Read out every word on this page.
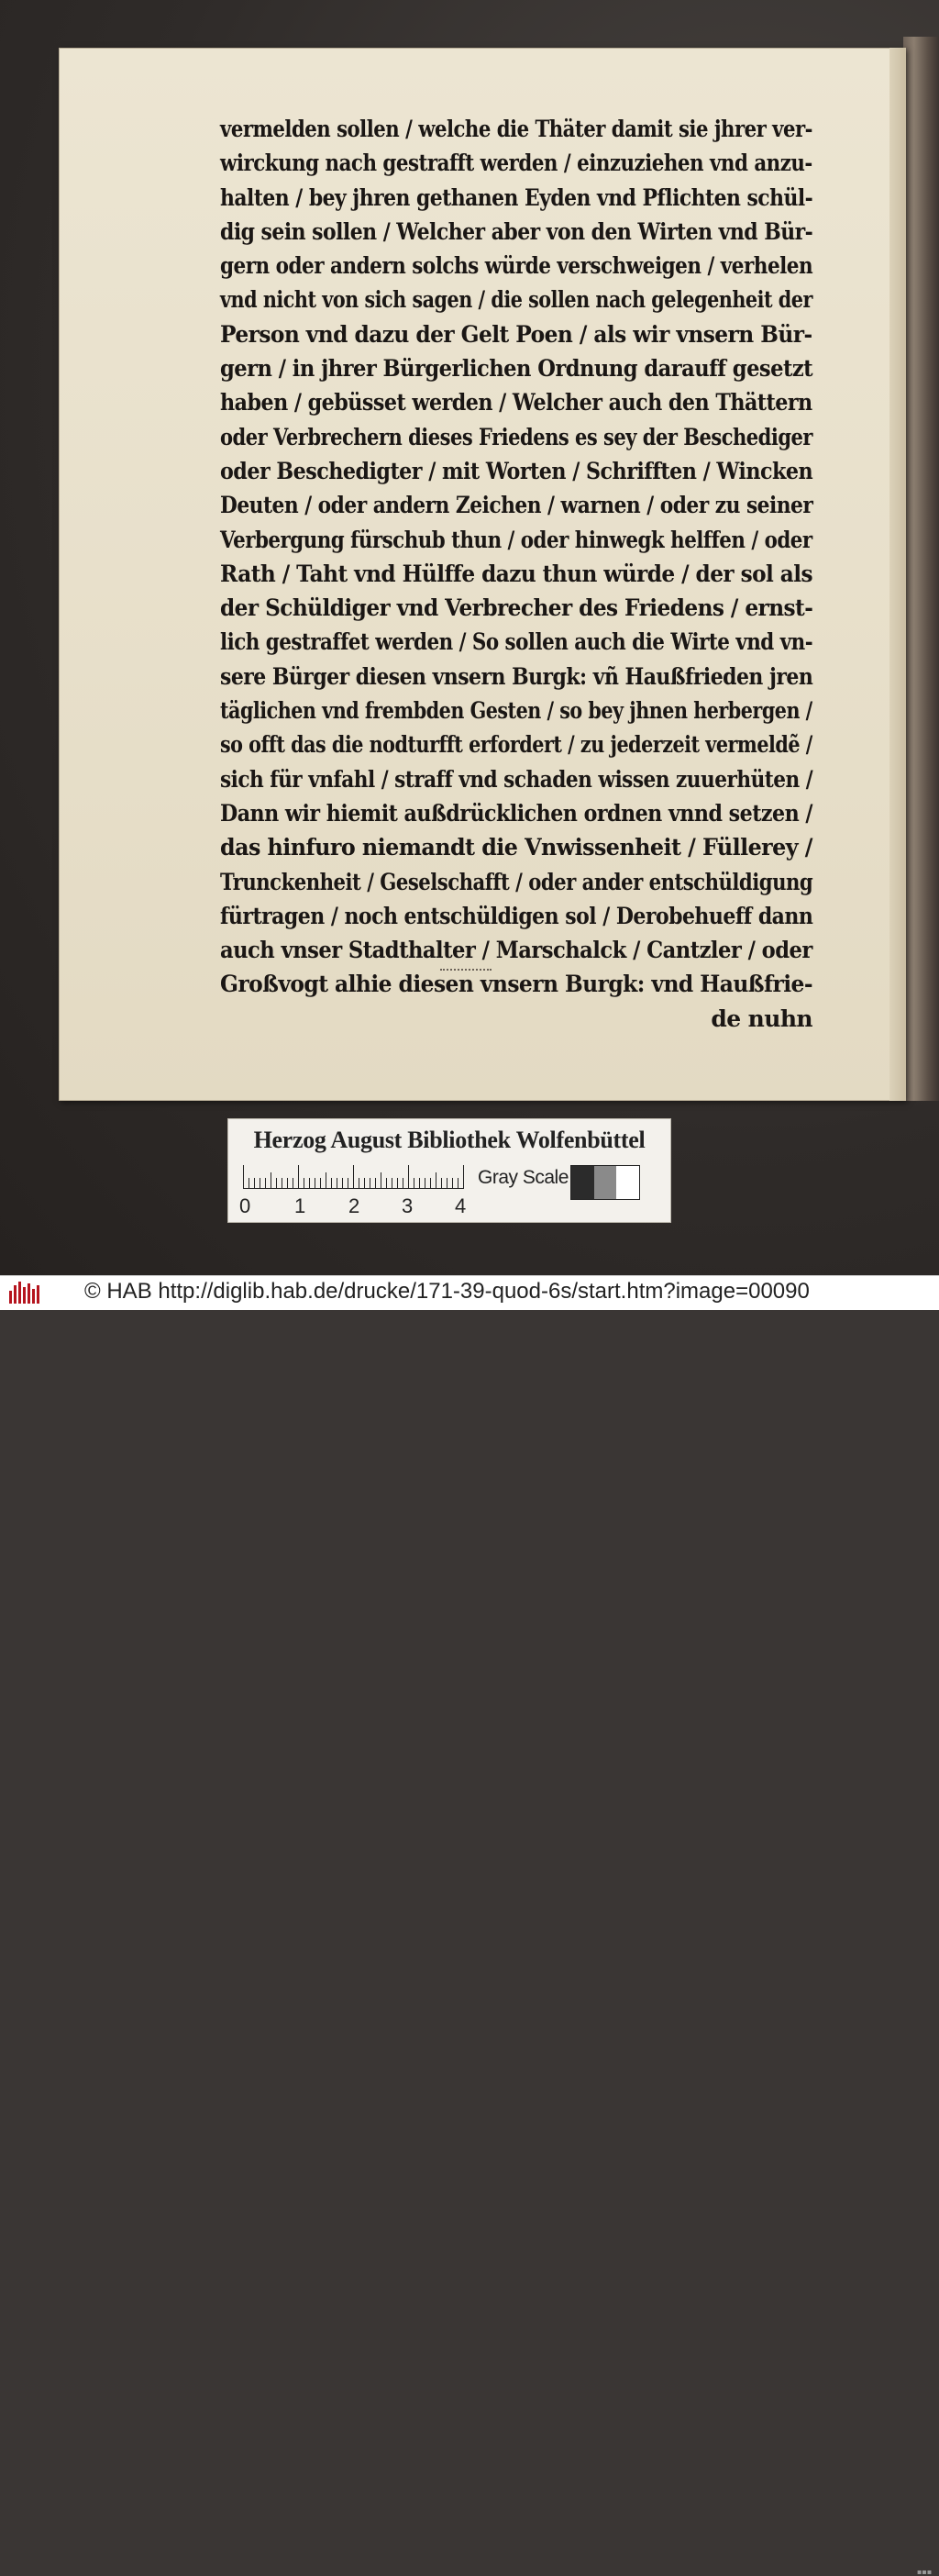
vermelden sollen / welche die Thäter damit sie jhrer ver-
wirckung nach gestrafft werden / einzuziehen vnd anzu-
halten / bey jhren gethanen Eyden vnd Pflichten schül-
dig sein sollen / Welcher aber von den Wirten vnd Bür-
gern oder andern solchs würde verschweigen / verhelen
vnd nicht von sich sagen / die sollen nach gelegenheit der
Person vnd dazu der Gelt Poen / als wir vnsern Bür-
gern / in jhrer Bürgerlichen Ordnung darauff gesetzt
haben / gebüsset werden / Welcher auch den Thättern
oder Verbrechern dieses Friedens es sey der Beschediger
oder Beschedigter / mit Worten / Schrifften / Wincken
Deuten / oder andern Zeichen / warnen / oder zu seiner
Verbergung fürschub thun / oder hinwegk helffen / oder
Rath / Taht vnd Hülffe dazu thun würde / der sol als
der Schüldiger vnd Verbrecher des Friedens / ernst-
lich gestraffet werden / So sollen auch die Wirte vnd vn-
sere Bürger diesen vnsern Burgk: vñ Haußfrieden jren
täglichen vnd frembden Gesten / so bey jhnen herbergen /
so offt das die nodturfft erfordert / zu jederzeit vermeldẽ /
sich für vnfahl / straff vnd schaden wissen zuuerhüten /
Dann wir hiemit außdrücklichen ordnen vnnd setzen /
das hinfuro niemandt die Vnwissenheit / Füllerey /
Trunckenheit / Geselschafft / oder ander entschüldigung
fürtragen / noch entschüldigen sol / Derobehueff dann
auch vnser Stadthalter / Marschalck / Cantzler / oder
Großvogt alhie diesen vnsern Burgk: vnd Haußfrie-
de nuhn
Herzog August Bibliothek Wolfenbüttel
0 1 2 3 4
Gray Scale
© HAB http://diglib.hab.de/drucke/171-39-quod-6s/start.htm?image=00090
▪▪▪
